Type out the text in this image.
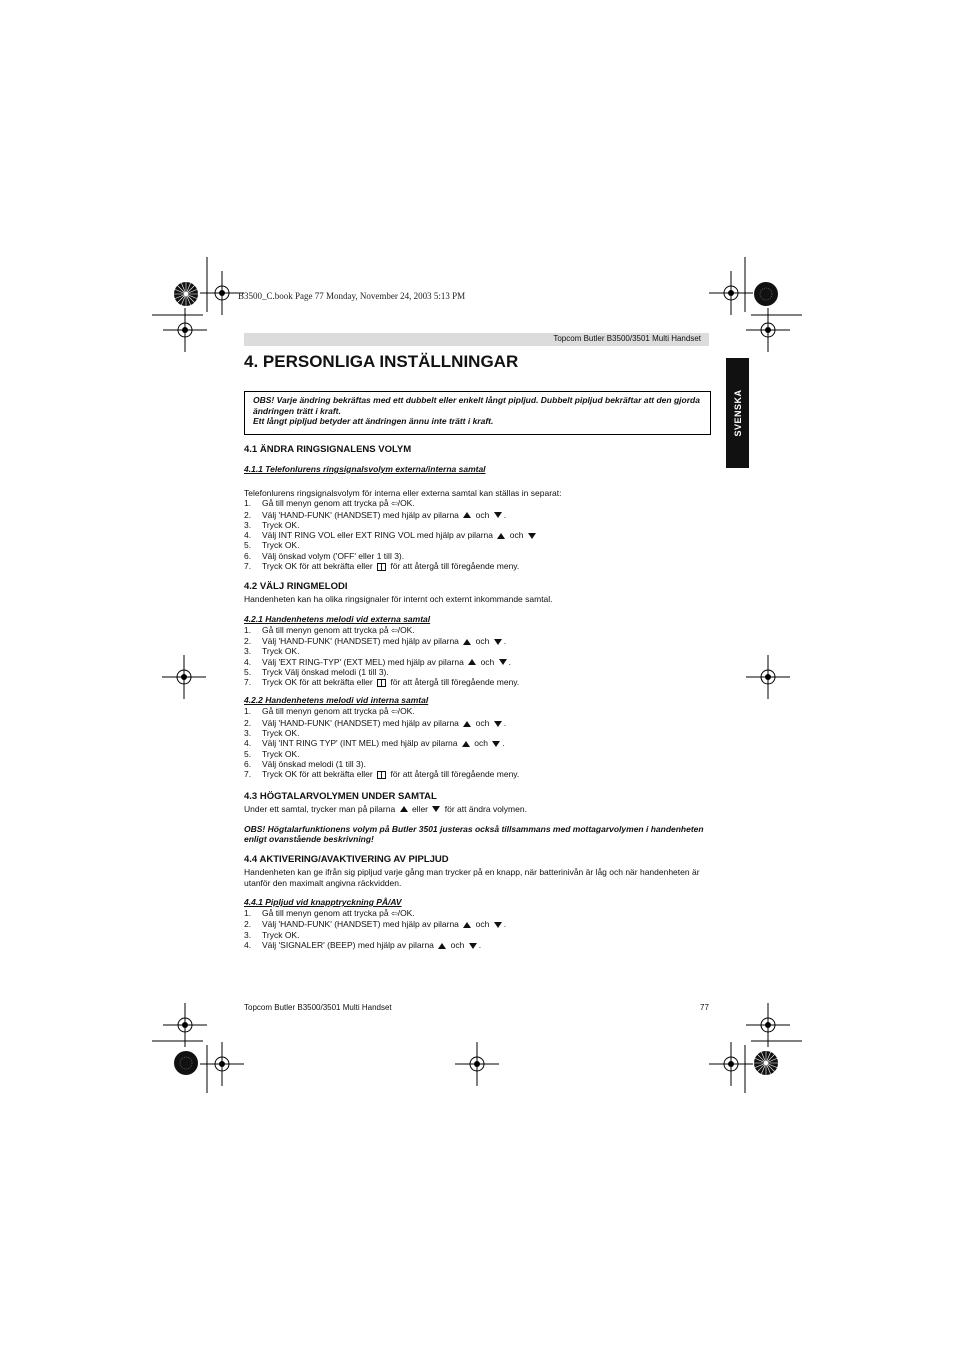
B3500_C.book Page 77 Monday, November 24, 2003 5:13 PM
Topcom Butler B3500/3501 Multi Handset
SVENSKA
4. PERSONLIGA INSTÄLLNINGAR
OBS! Varje ändring bekräftas med ett dubbelt eller enkelt långt pipljud. Dubbelt pipljud bekräftar att den gjorda ändringen trätt i kraft.
Ett långt pipljud betyder att ändringen ännu inte trätt i kraft.
4.1 ÄNDRA RINGSIGNALENS VOLYM
4.1.1 Telefonlurens ringsignalsvolym externa/interna samtal

Telefonlurens ringsignalsvolym för interna eller externa samtal kan ställas in separat:

1. Gå till menyn genom att trycka på ⇦/OK.
2. Välj 'HAND-FUNK' (HANDSET) med hjälp av pilarna och .
3. Tryck OK.
4. Välj INT RING VOL eller EXT RING VOL med hjälp av pilarna och
5. Tryck OK.
6. Välj önskad volym ('OFF' eller 1 till 3).
7. Tryck OK för att bekräfta eller för att återgå till föregående meny.
4.2 VÄLJ RINGMELODI

Handenheten kan ha olika ringsignaler för internt och externt inkommande samtal.

4.2.1 Handenhetens melodi vid externa samtal
1. Gå till menyn genom att trycka på ⇦/OK.
2. Välj 'HAND-FUNK' (HANDSET) med hjälp av pilarna och .
3. Tryck OK.
4. Välj 'EXT RING-TYP' (EXT MEL) med hjälp av pilarna och .
5. Tryck Välj önskad melodi (1 till 3).
7. Tryck OK för att bekräfta eller för att återgå till föregående meny.
4.2.2 Handenhetens melodi vid interna samtal
1. Gå till menyn genom att trycka på ⇦/OK.
2. Välj 'HAND-FUNK' (HANDSET) med hjälp av pilarna och .
3. Tryck OK.
4. Välj 'INT RING TYP' (INT MEL) med hjälp av pilarna och .
5. Tryck OK.
6. Välj önskad melodi (1 till 3).
7. Tryck OK för att bekräfta eller för att återgå till föregående meny.
4.3 HÖGTALARVOLYMEN UNDER SAMTAL

Under ett samtal, trycker man på pilarna eller för att ändra volymen.

OBS! Högtalarfunktionens volym på Butler 3501 justeras också tillsammans med mottagarvolymen i handenheten enligt ovanstående beskrivning!

4.4 AKTIVERING/AVAKTIVERING AV PIPLJUD

Handenheten kan ge ifrån sig pipljud varje gång man trycker på en knapp, när batterinivån är låg och när handenheten är utanför den maximalt angivna räckvidden.

4.4.1 Pipljud vid knapptryckning PÅ/AV
1. Gå till menyn genom att trycka på ⇦/OK.
2. Välj 'HAND-FUNK' (HANDSET) med hjälp av pilarna och .
3. Tryck OK.
4. Välj 'SIGNALER' (BEEP) med hjälp av pilarna och .
Topcom Butler B3500/3501 Multi Handset	77
